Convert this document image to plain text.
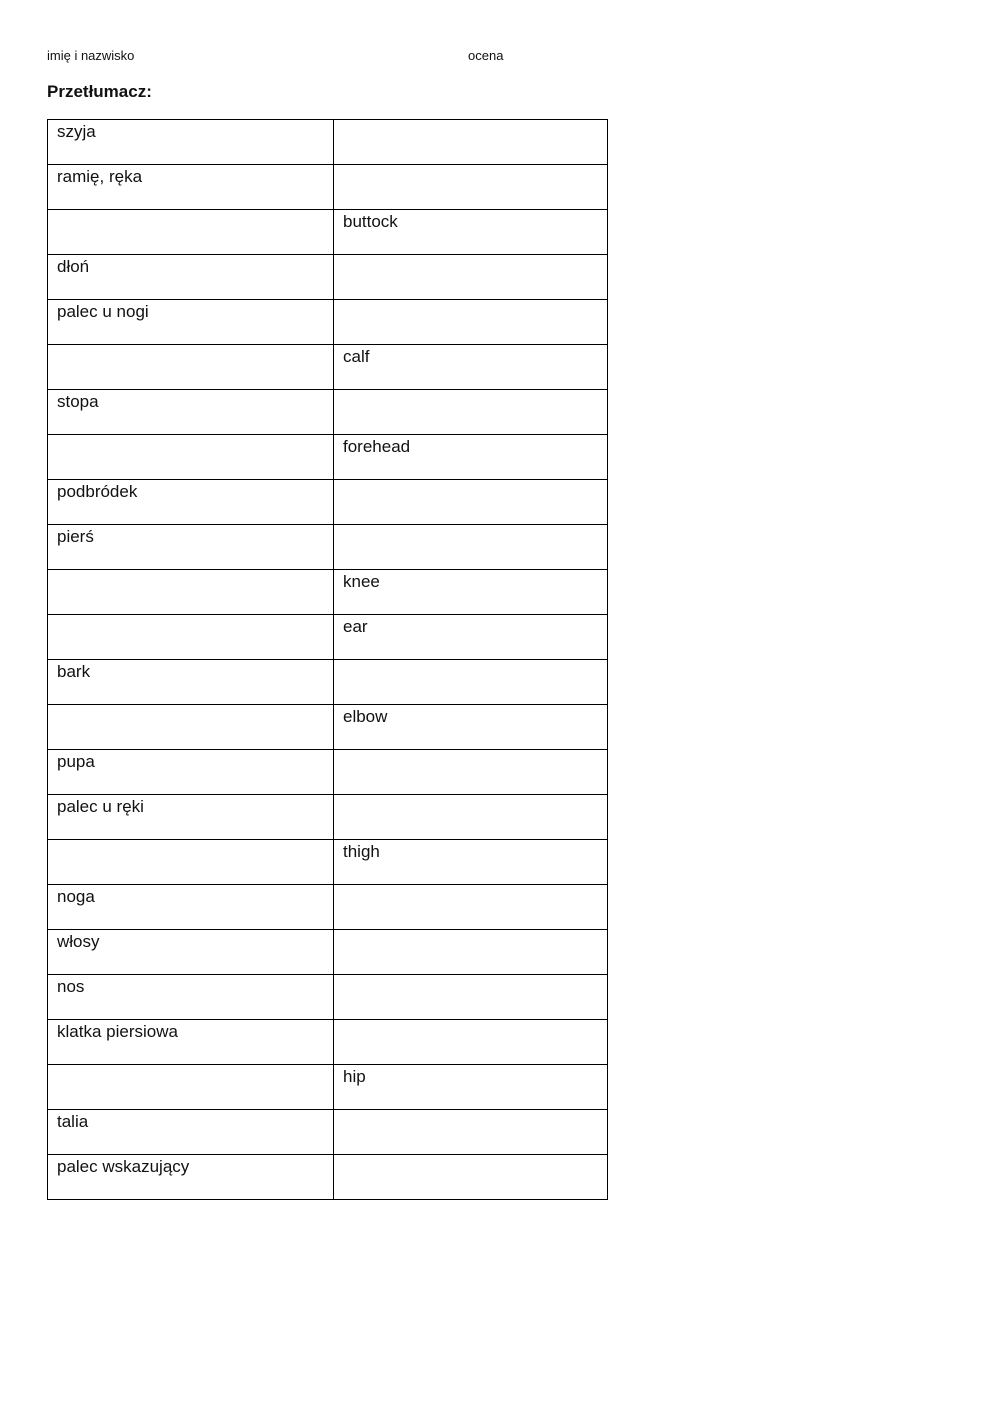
imię i nazwisko	ocena
Przetłumacz:
szyja	
ramię, ręka	
	buttock
dłoń	
palec u nogi	
	calf
stopa	
	forehead
podbródek	
pierś	
	knee
	ear
bark	
	elbow
pupa	
palec u ręki	
	thigh
noga	
włosy	
nos	
klatka piersiowa	
	hip
talia	
palec wskazujący	
